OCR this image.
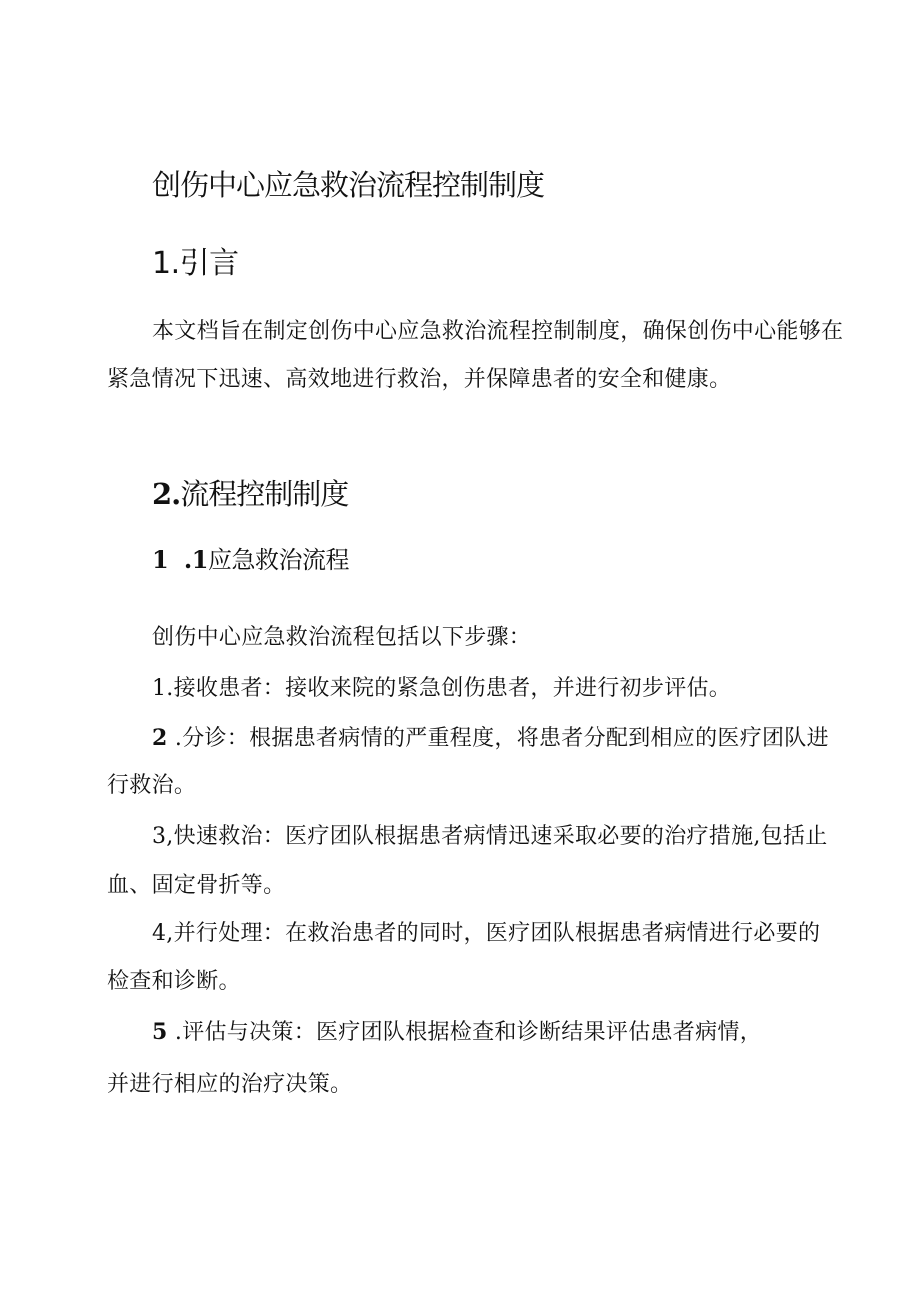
创伤中心应急救治流程控制制度
1.引言

本文档旨在制定创伤中心应急救治流程控制制度，确保创伤中心能够在

紧急情况下迅速、高效地进行救治，并保障患者的安全和健康。

2.流程控制制度
1  .1应急救治流程

创伤中心应急救治流程包括以下步骤：

1.接收患者：接收来院的紧急创伤患者，并进行初步评估。

2 .分诊：根据患者病情的严重程度，将患者分配到相应的医疗团队进

行救治。

3,快速救治：医疗团队根据患者病情迅速采取必要的治疗措施,包括止

血、固定骨折等。

4,并行处理：在救治患者的同时，医疗团队根据患者病情进行必要的

检查和诊断。

5 .评估与决策：医疗团队根据检查和诊断结果评估患者病情，

并进行相应的治疗决策。
